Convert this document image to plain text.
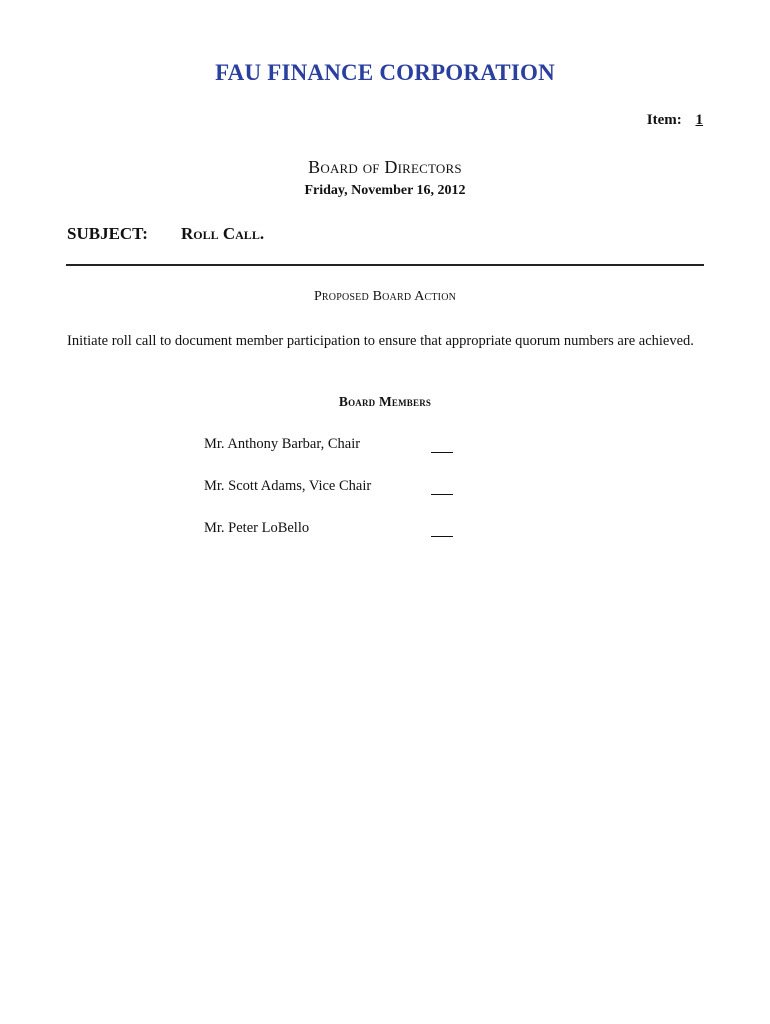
FAU FINANCE CORPORATION
Item: 1
Board of Directors
Friday, November 16, 2012
SUBJECT: Roll Call.
Proposed Board Action
Initiate roll call to document member participation to ensure that appropriate quorum numbers are achieved.
Board Members
Mr. Anthony Barbar, Chair
Mr. Scott Adams, Vice Chair
Mr. Peter LoBello
